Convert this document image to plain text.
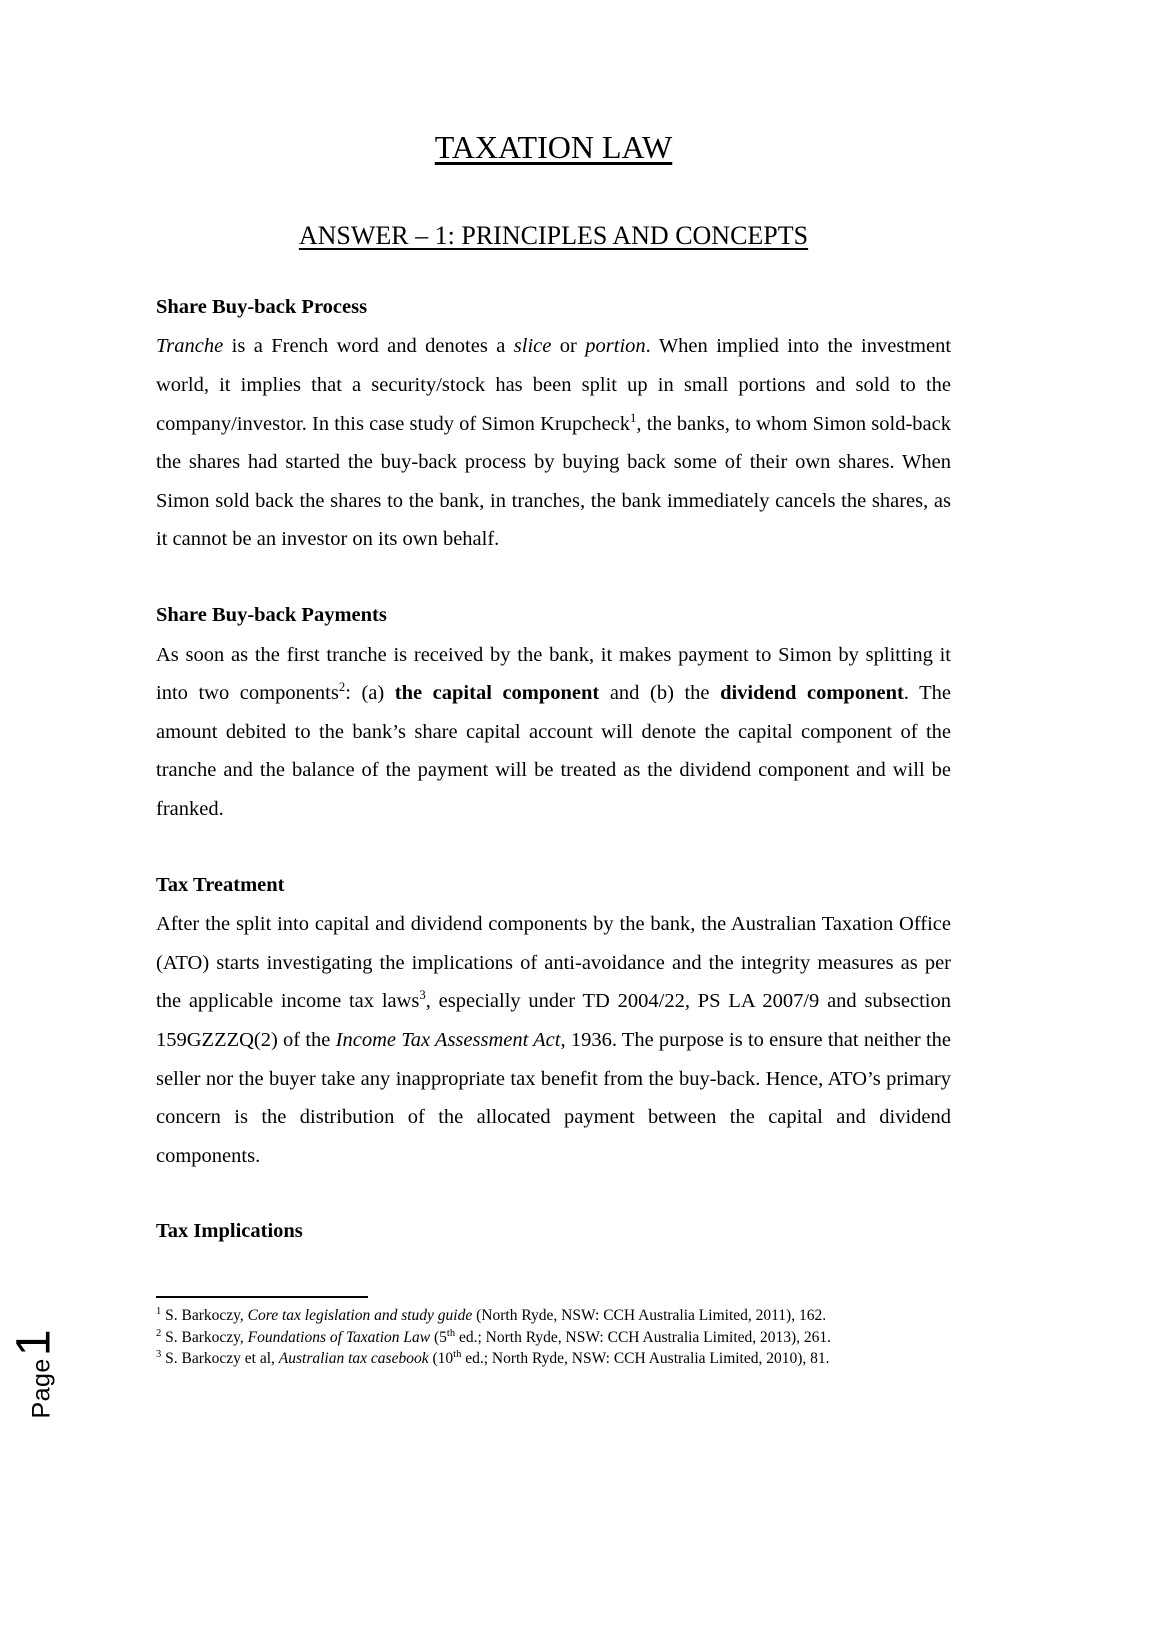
TAXATION LAW
ANSWER – 1: PRINCIPLES AND CONCEPTS
Share Buy-back Process

Tranche is a French word and denotes a slice or portion. When implied into the investment world, it implies that a security/stock has been split up in small portions and sold to the company/investor. In this case study of Simon Krupcheck$^1$, the banks, to whom Simon sold-back the shares had started the buy-back process by buying back some of their own shares. When Simon sold back the shares to the bank, in tranches, the bank immediately cancels the shares, as it cannot be an investor on its own behalf.

Share Buy-back Payments

As soon as the first tranche is received by the bank, it makes payment to Simon by splitting it into two components$^2$: (a) the capital component and (b) the dividend component. The amount debited to the bank’s share capital account will denote the capital component of the tranche and the balance of the payment will be treated as the dividend component and will be franked.

Tax Treatment

After the split into capital and dividend components by the bank, the Australian Taxation Office (ATO) starts investigating the implications of anti-avoidance and the integrity measures as per the applicable income tax laws$^3$, especially under TD 2004/22, PS LA 2007/9 and subsection 159GZZZQ(2) of the Income Tax Assessment Act, 1936. The purpose is to ensure that neither the seller nor the buyer take any inappropriate tax benefit from the buy-back. Hence, ATO’s primary concern is the distribution of the allocated payment between the capital and dividend components.

Tax Implications

$^1$ S. Barkoczy, Core tax legislation and study guide (North Ryde, NSW: CCH Australia Limited, 2011), 162.

$^2$ S. Barkoczy, Foundations of Taxation Law (5th ed.; North Ryde, NSW: CCH Australia Limited, 2013), 261.

$^3$ S. Barkoczy et al, Australian tax casebook (10th ed.; North Ryde, NSW: CCH Australia Limited, 2010), 81.

Page
1
